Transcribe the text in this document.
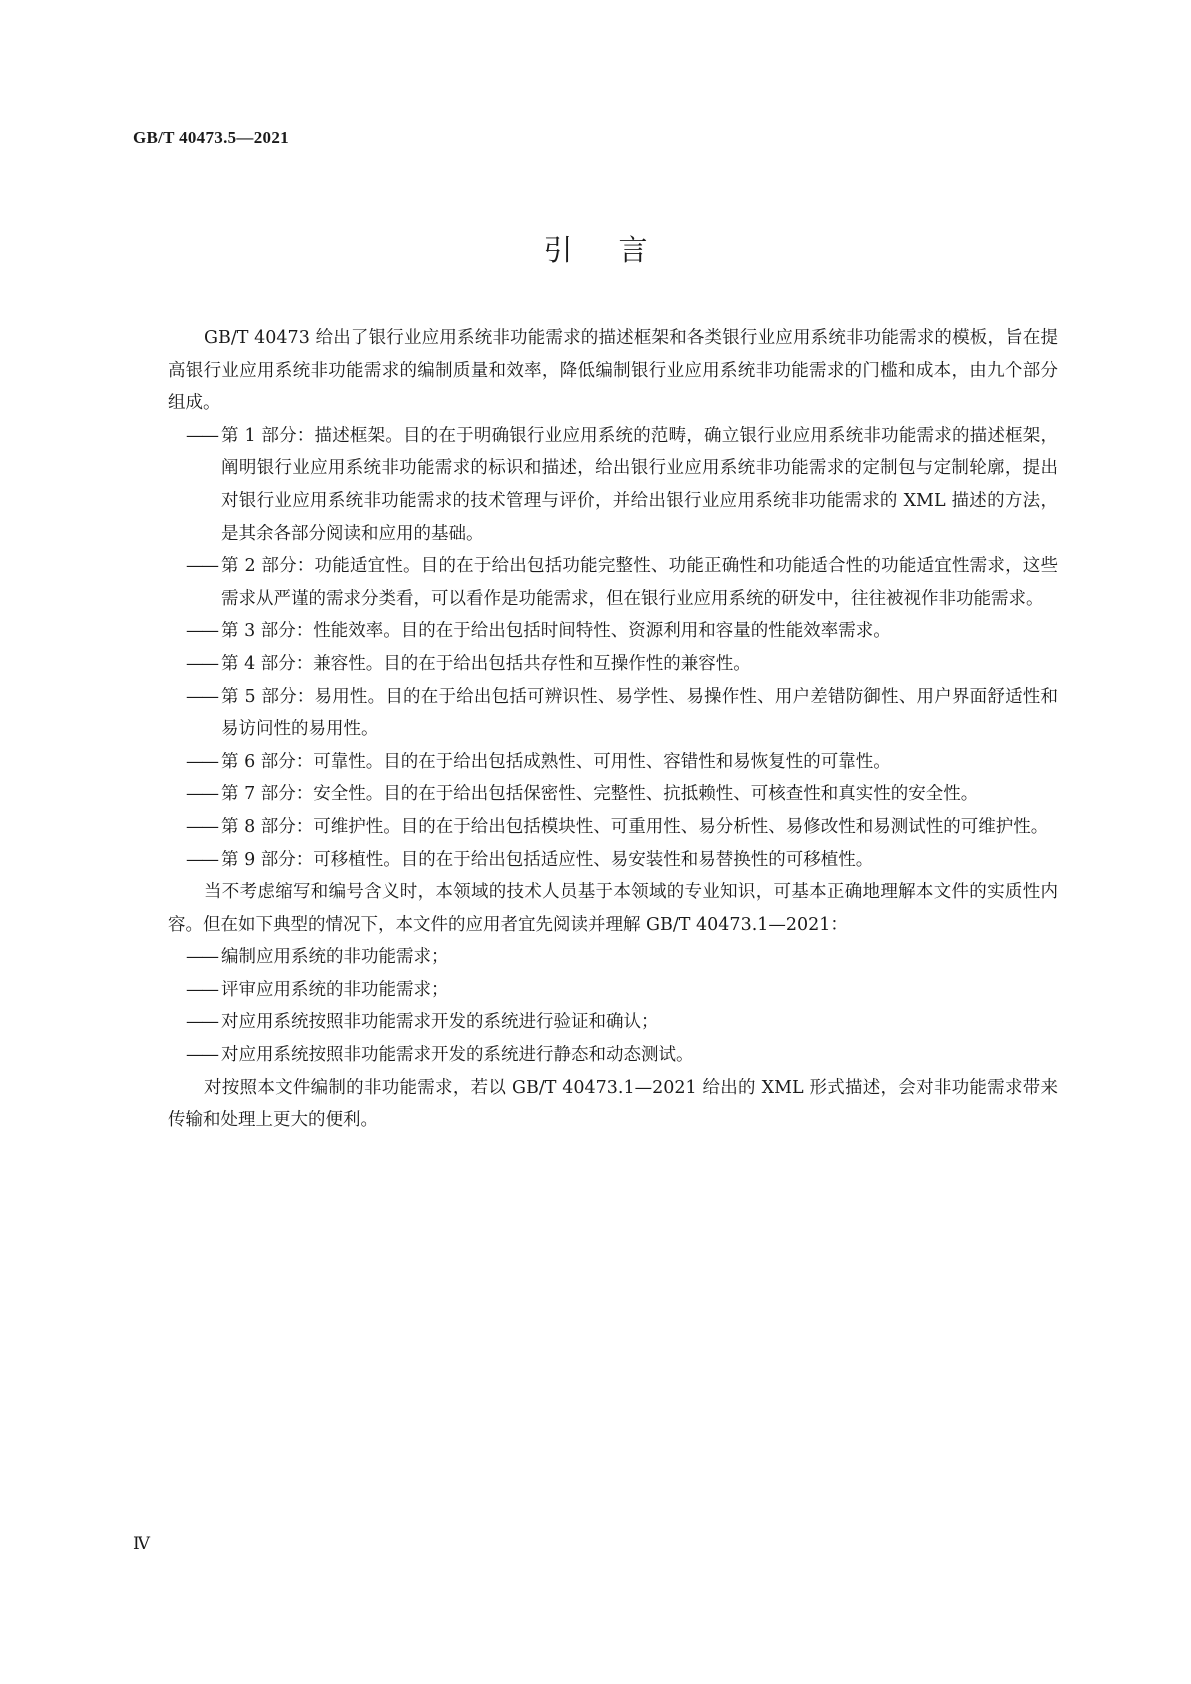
GB/T 40473.5—2021
引言

GB/T 40473 给出了银行业应用系统非功能需求的描述框架和各类银行业应用系统非功能需求的模板，旨在提高银行业应用系统非功能需求的编制质量和效率，降低编制银行业应用系统非功能需求的门槛和成本，由九个部分组成。

—— 第 1 部分：描述框架。目的在于明确银行业应用系统的范畴，确立银行业应用系统非功能需求的描述框架，阐明银行业应用系统非功能需求的标识和描述，给出银行业应用系统非功能需求的定制包与定制轮廓，提出对银行业应用系统非功能需求的技术管理与评价，并给出银行业应用系统非功能需求的 XML 描述的方法，是其余各部分阅读和应用的基础。

—— 第 2 部分：功能适宜性。目的在于给出包括功能完整性、功能正确性和功能适合性的功能适宜性需求，这些需求从严谨的需求分类看，可以看作是功能需求，但在银行业应用系统的研发中，往往被视作非功能需求。

—— 第 3 部分：性能效率。目的在于给出包括时间特性、资源利用和容量的性能效率需求。

—— 第 4 部分：兼容性。目的在于给出包括共存性和互操作性的兼容性。

—— 第 5 部分：易用性。目的在于给出包括可辨识性、易学性、易操作性、用户差错防御性、用户界面舒适性和易访问性的易用性。

—— 第 6 部分：可靠性。目的在于给出包括成熟性、可用性、容错性和易恢复性的可靠性。

—— 第 7 部分：安全性。目的在于给出包括保密性、完整性、抗抵赖性、可核查性和真实性的安全性。

—— 第 8 部分：可维护性。目的在于给出包括模块性、可重用性、易分析性、易修改性和易测试性的可维护性。

—— 第 9 部分：可移植性。目的在于给出包括适应性、易安装性和易替换性的可移植性。

当不考虑缩写和编号含义时，本领域的技术人员基于本领域的专业知识，可基本正确地理解本文件的实质性内容。但在如下典型的情况下，本文件的应用者宜先阅读并理解 GB/T 40473.1—2021：

—— 编制应用系统的非功能需求；

—— 评审应用系统的非功能需求；

—— 对应用系统按照非功能需求开发的系统进行验证和确认；

—— 对应用系统按照非功能需求开发的系统进行静态和动态测试。

对按照本文件编制的非功能需求，若以 GB/T 40473.1—2021 给出的 XML 形式描述，会对非功能需求带来传输和处理上更大的便利。

Ⅳ
